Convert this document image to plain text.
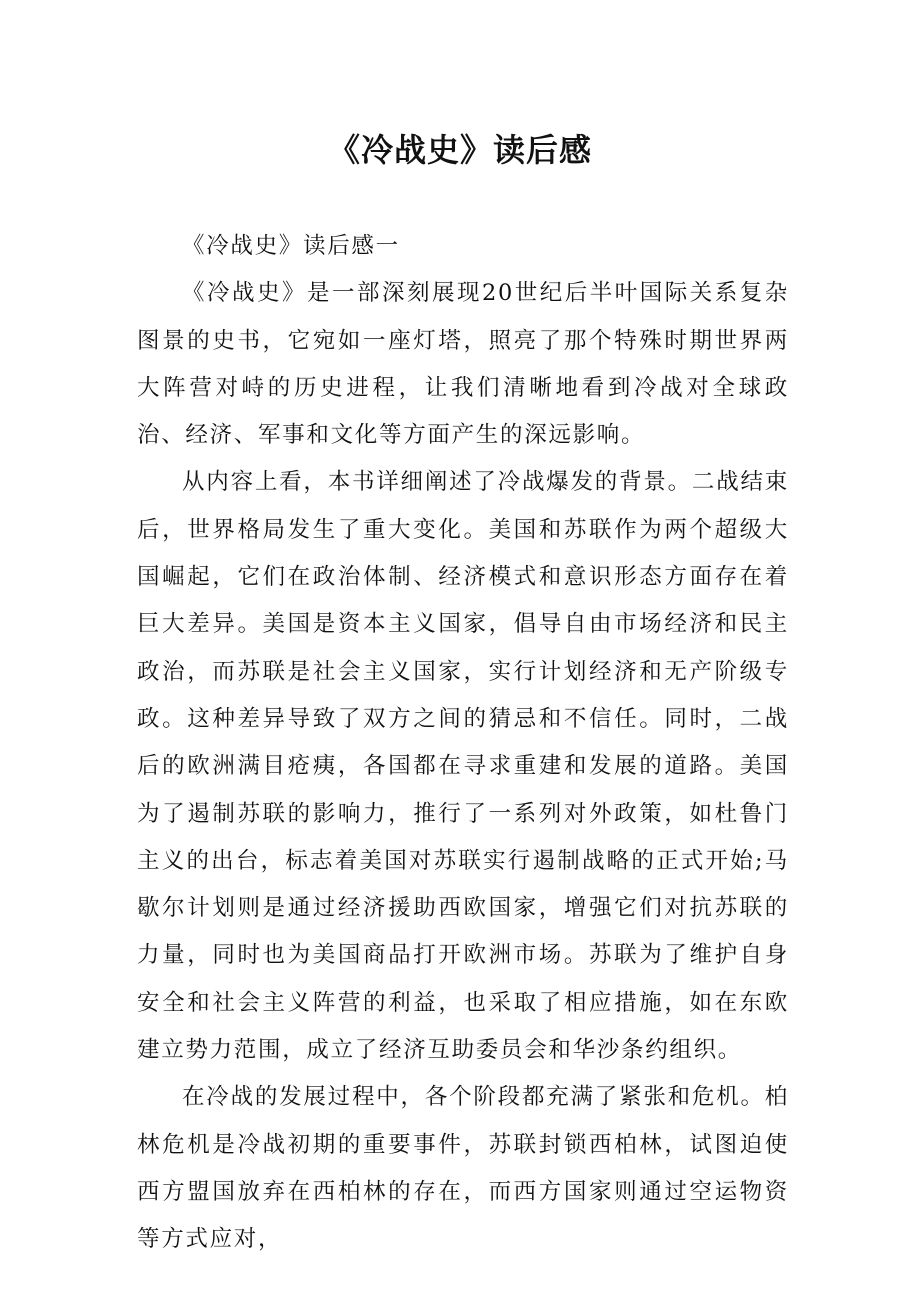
《冷战史》读后感

《冷战史》读后感一

《冷战史》是一部深刻展现20世纪后半叶国际关系复杂图景的史书，它宛如一座灯塔，照亮了那个特殊时期世界两大阵营对峙的历史进程，让我们清晰地看到冷战对全球政治、经济、军事和文化等方面产生的深远影响。

从内容上看，本书详细阐述了冷战爆发的背景。二战结束后，世界格局发生了重大变化。美国和苏联作为两个超级大国崛起，它们在政治体制、经济模式和意识形态方面存在着巨大差异。美国是资本主义国家，倡导自由市场经济和民主政治，而苏联是社会主义国家，实行计划经济和无产阶级专政。这种差异导致了双方之间的猜忌和不信任。同时，二战后的欧洲满目疮痍，各国都在寻求重建和发展的道路。美国为了遏制苏联的影响力，推行了一系列对外政策，如杜鲁门主义的出台，标志着美国对苏联实行遏制战略的正式开始;马歇尔计划则是通过经济援助西欧国家，增强它们对抗苏联的力量，同时也为美国商品打开欧洲市场。苏联为了维护自身安全和社会主义阵营的利益，也采取了相应措施，如在东欧建立势力范围，成立了经济互助委员会和华沙条约组织。

在冷战的发展过程中，各个阶段都充满了紧张和危机。柏林危机是冷战初期的重要事件，苏联封锁西柏林，试图迫使西方盟国放弃在西柏林的存在，而西方国家则通过空运物资等方式应对，
